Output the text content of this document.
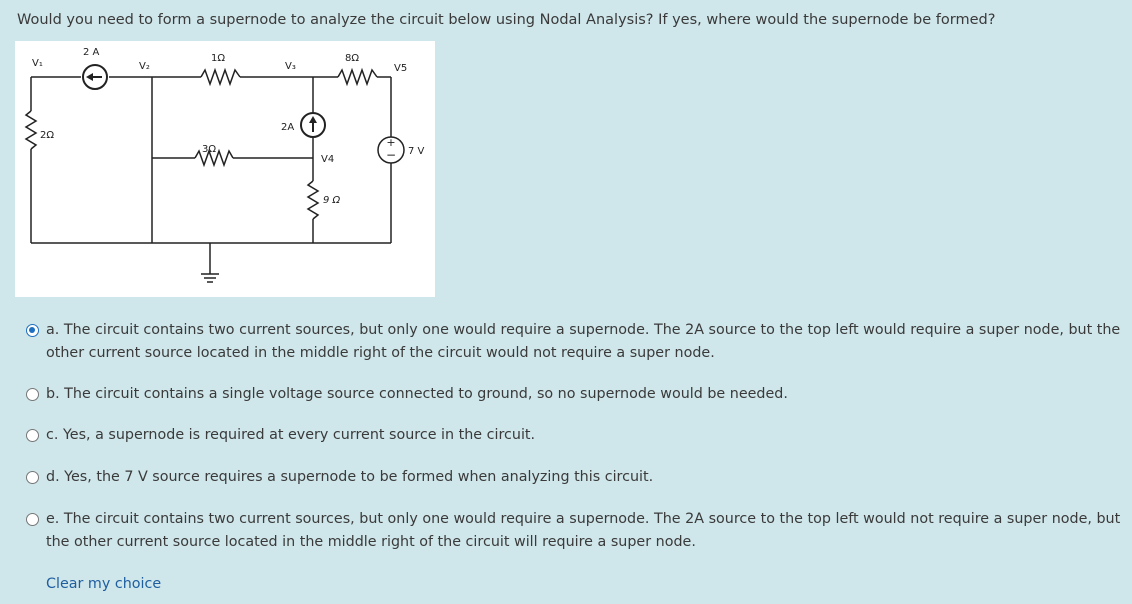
Would you need to form a supernode to analyze the circuit below using Nodal Analysis? If yes, where would the supernode be formed?
+
−
V₁
2 A
V₂
1Ω
V₃
8Ω
V5
2Ω
3Ω
2A
V4
9 Ω
7 V
a. The circuit contains two current sources, but only one would require a supernode. The 2A source to the top left would require a super node, but the other current source located in the middle right of the circuit would not require a super node.
b. The circuit contains a single voltage source connected to ground, so no supernode would be needed.
c. Yes, a supernode is required at every current source in the circuit.
d. Yes, the 7 V source requires a supernode to be formed when analyzing this circuit.
e. The circuit contains two current sources, but only one would require a supernode. The 2A source to the top left would not require a super node, but the other current source located in the middle right of the circuit will require a super node.
Clear my choice
